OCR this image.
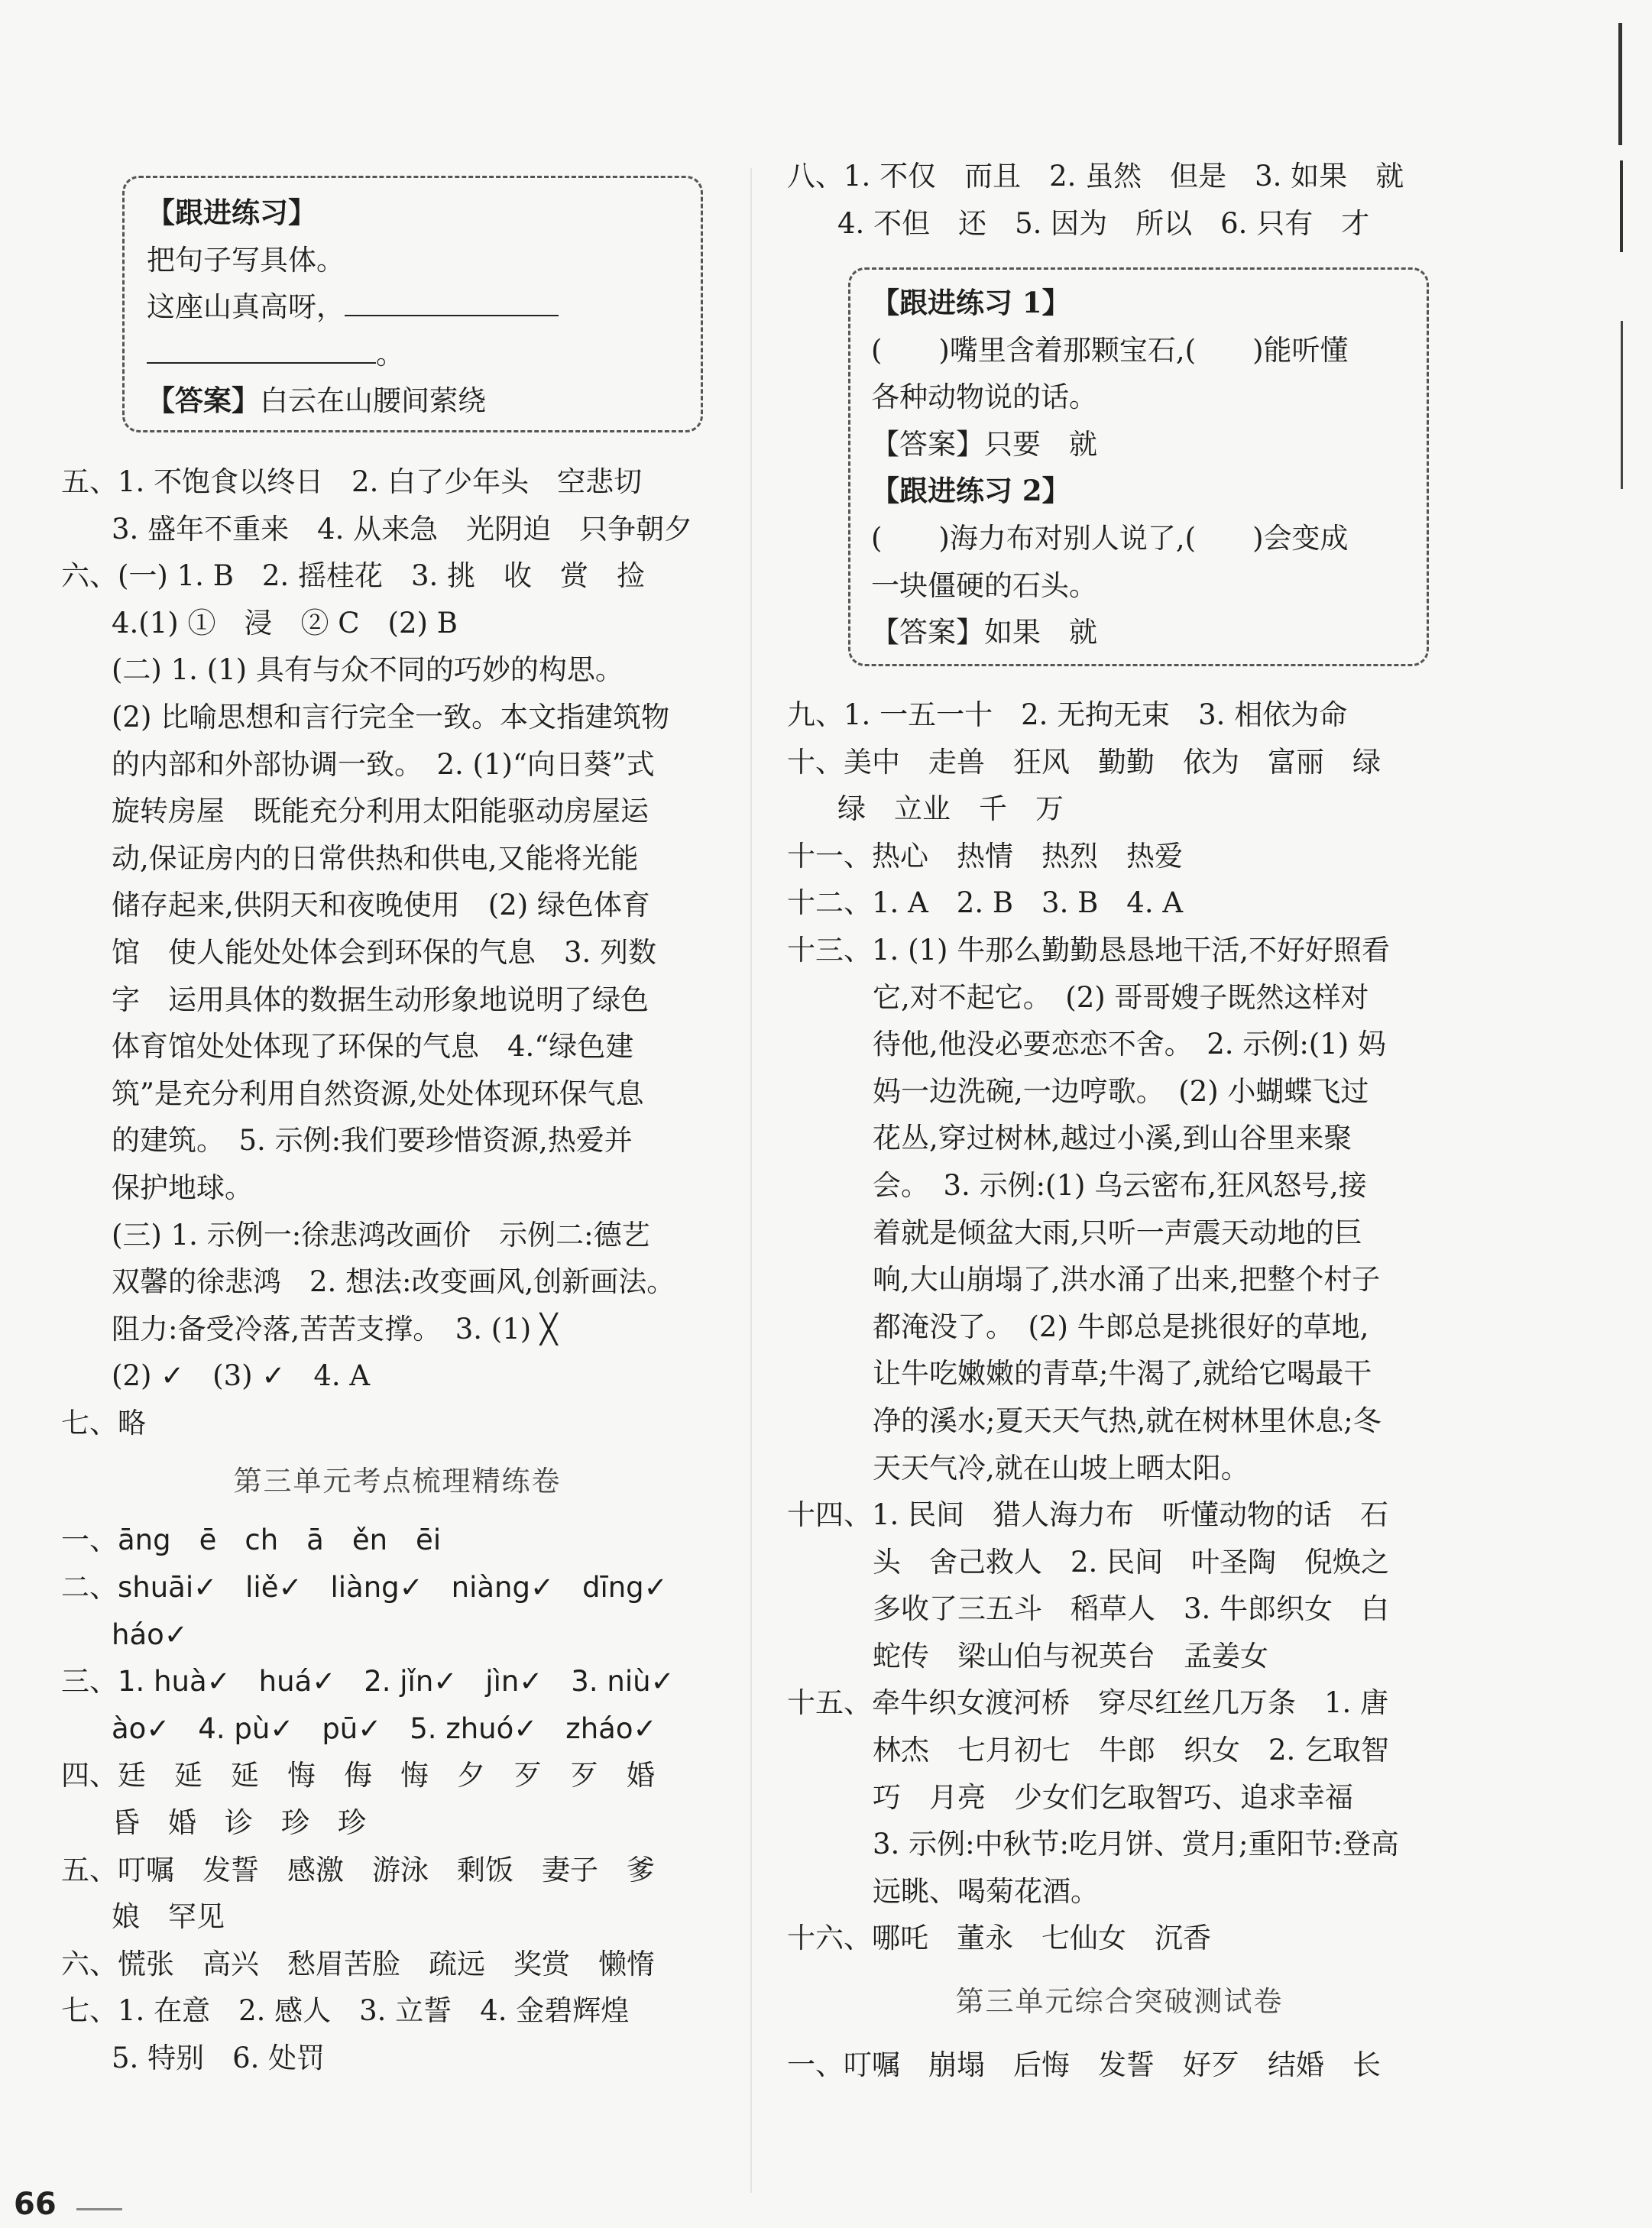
【跟进练习】
把句子写具体。
这座山真高呀，
。
【答案】白云在山腰间萦绕
五、1. 不饱食以终日　2. 白了少年头　空悲切
3. 盛年不重来　4. 从来急　光阴迫　只争朝夕
六、(一) 1. B　2. 摇桂花　3. 挑　收　赏　捡
4.(1) ①　浸　② C　(2) B
(二) 1. (1) 具有与众不同的巧妙的构思。
(2) 比喻思想和言行完全一致。本文指建筑物
的内部和外部协调一致。　2. (1)“向日葵”式
旋转房屋　既能充分利用太阳能驱动房屋运
动,保证房内的日常供热和供电,又能将光能
储存起来,供阴天和夜晚使用　(2) 绿色体育
馆　使人能处处体会到环保的气息　3. 列数
字　运用具体的数据生动形象地说明了绿色
体育馆处处体现了环保的气息　4.“绿色建
筑”是充分利用自然资源,处处体现环保气息
的建筑。　5. 示例:我们要珍惜资源,热爱并
保护地球。
(三) 1. 示例一:徐悲鸿改画价　示例二:德艺
双馨的徐悲鸿　2. 想法:改变画风,创新画法。
阻力:备受冷落,苦苦支撑。　3. (1) ╳
(2) ✓　(3) ✓　4. A
七、略
第三单元考点梳理精练卷
一、āng　ē　ch　ā　ěn　ēi
二、shuāi✓　liě✓　liàng✓　niàng✓　dīng✓
háo✓
三、1. huà✓　huá✓　2. jǐn✓　jìn✓　3. niù✓
ào✓　4. pù✓　pū✓　5. zhuó✓　zháo✓
四、廷　延　延　悔　侮　悔　夕　歹　歹　婚
昏　婚　诊　珍　珍
五、叮嘱　发誓　感激　游泳　剩饭　妻子　爹
娘　罕见
六、慌张　高兴　愁眉苦脸　疏远　奖赏　懒惰
七、1. 在意　2. 感人　3. 立誓　4. 金碧辉煌
5. 特别　6. 处罚
八、1. 不仅　而且　2. 虽然　但是　3. 如果　就
4. 不但　还　5. 因为　所以　6. 只有　才
【跟进练习 1】
(　　)嘴里含着那颗宝石,(　　)能听懂
各种动物说的话。
【答案】只要　就
【跟进练习 2】
(　　)海力布对别人说了,(　　)会变成
一块僵硬的石头。
【答案】如果　就
九、1. 一五一十　2. 无拘无束　3. 相依为命
十、美中　走兽　狂风　勤勤　依为　富丽　绿
绿　立业　千　万
十一、热心　热情　热烈　热爱
十二、1. A　2. B　3. B　4. A
十三、1. (1) 牛那么勤勤恳恳地干活,不好好照看
它,对不起它。　(2) 哥哥嫂子既然这样对
待他,他没必要恋恋不舍。　2. 示例:(1) 妈
妈一边洗碗,一边哼歌。　(2) 小蝴蝶飞过
花丛,穿过树林,越过小溪,到山谷里来聚
会。　3. 示例:(1) 乌云密布,狂风怒号,接
着就是倾盆大雨,只听一声震天动地的巨
响,大山崩塌了,洪水涌了出来,把整个村子
都淹没了。　(2) 牛郎总是挑很好的草地,
让牛吃嫩嫩的青草;牛渴了,就给它喝最干
净的溪水;夏天天气热,就在树林里休息;冬
天天气冷,就在山坡上晒太阳。
十四、1. 民间　猎人海力布　听懂动物的话　石
头　舍己救人　2. 民间　叶圣陶　倪焕之
多收了三五斗　稻草人　3. 牛郎织女　白
蛇传　梁山伯与祝英台　孟姜女
十五、牵牛织女渡河桥　穿尽红丝几万条　1. 唐
林杰　七月初七　牛郎　织女　2. 乞取智
巧　月亮　少女们乞取智巧、追求幸福
3. 示例:中秋节:吃月饼、赏月;重阳节:登高
远眺、喝菊花酒。
十六、哪吒　董永　七仙女　沉香
第三单元综合突破测试卷
一、叮嘱　崩塌　后悔　发誓　好歹　结婚　长
66
